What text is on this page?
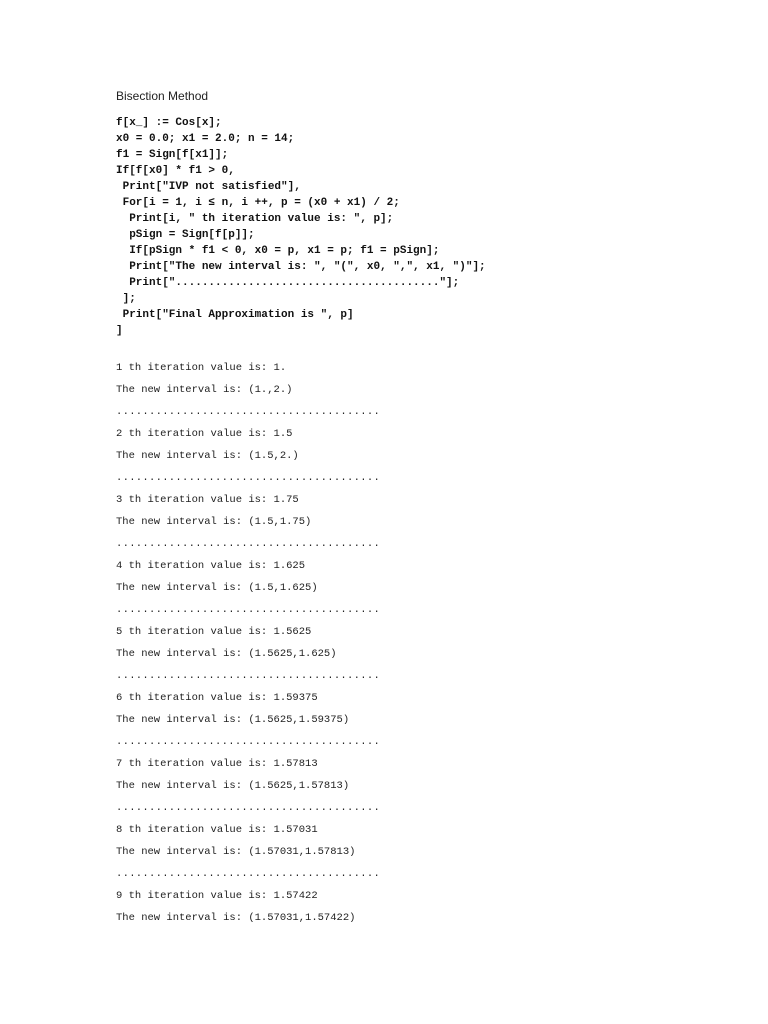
Bisection Method
f[x_] := Cos[x];
x0 = 0.0; x1 = 2.0; n = 14;
f1 = Sign[f[x1]];
If[f[x0] * f1 > 0,
Print["IVP not satisfied"],
For[i = 1, i ≤ n, i ++, p = (x0 + x1) / 2;
Print[i, " th iteration value is: ", p];
pSign = Sign[f[p]];
If[pSign * f1 < 0, x0 = p, x1 = p; f1 = pSign];
Print["The new interval is: ", "(", x0, ",", x1, ")"];
Print["........................................"];
];
Print["Final Approximation is ", p]
]
1 th iteration value is: 1.
The new interval is: (1.,2.)
........................................
2 th iteration value is: 1.5
The new interval is: (1.5,2.)
........................................
3 th iteration value is: 1.75
The new interval is: (1.5,1.75)
........................................
4 th iteration value is: 1.625
The new interval is: (1.5,1.625)
........................................
5 th iteration value is: 1.5625
The new interval is: (1.5625,1.625)
........................................
6 th iteration value is: 1.59375
The new interval is: (1.5625,1.59375)
........................................
7 th iteration value is: 1.57813
The new interval is: (1.5625,1.57813)
........................................
8 th iteration value is: 1.57031
The new interval is: (1.57031,1.57813)
........................................
9 th iteration value is: 1.57422
The new interval is: (1.57031,1.57422)
